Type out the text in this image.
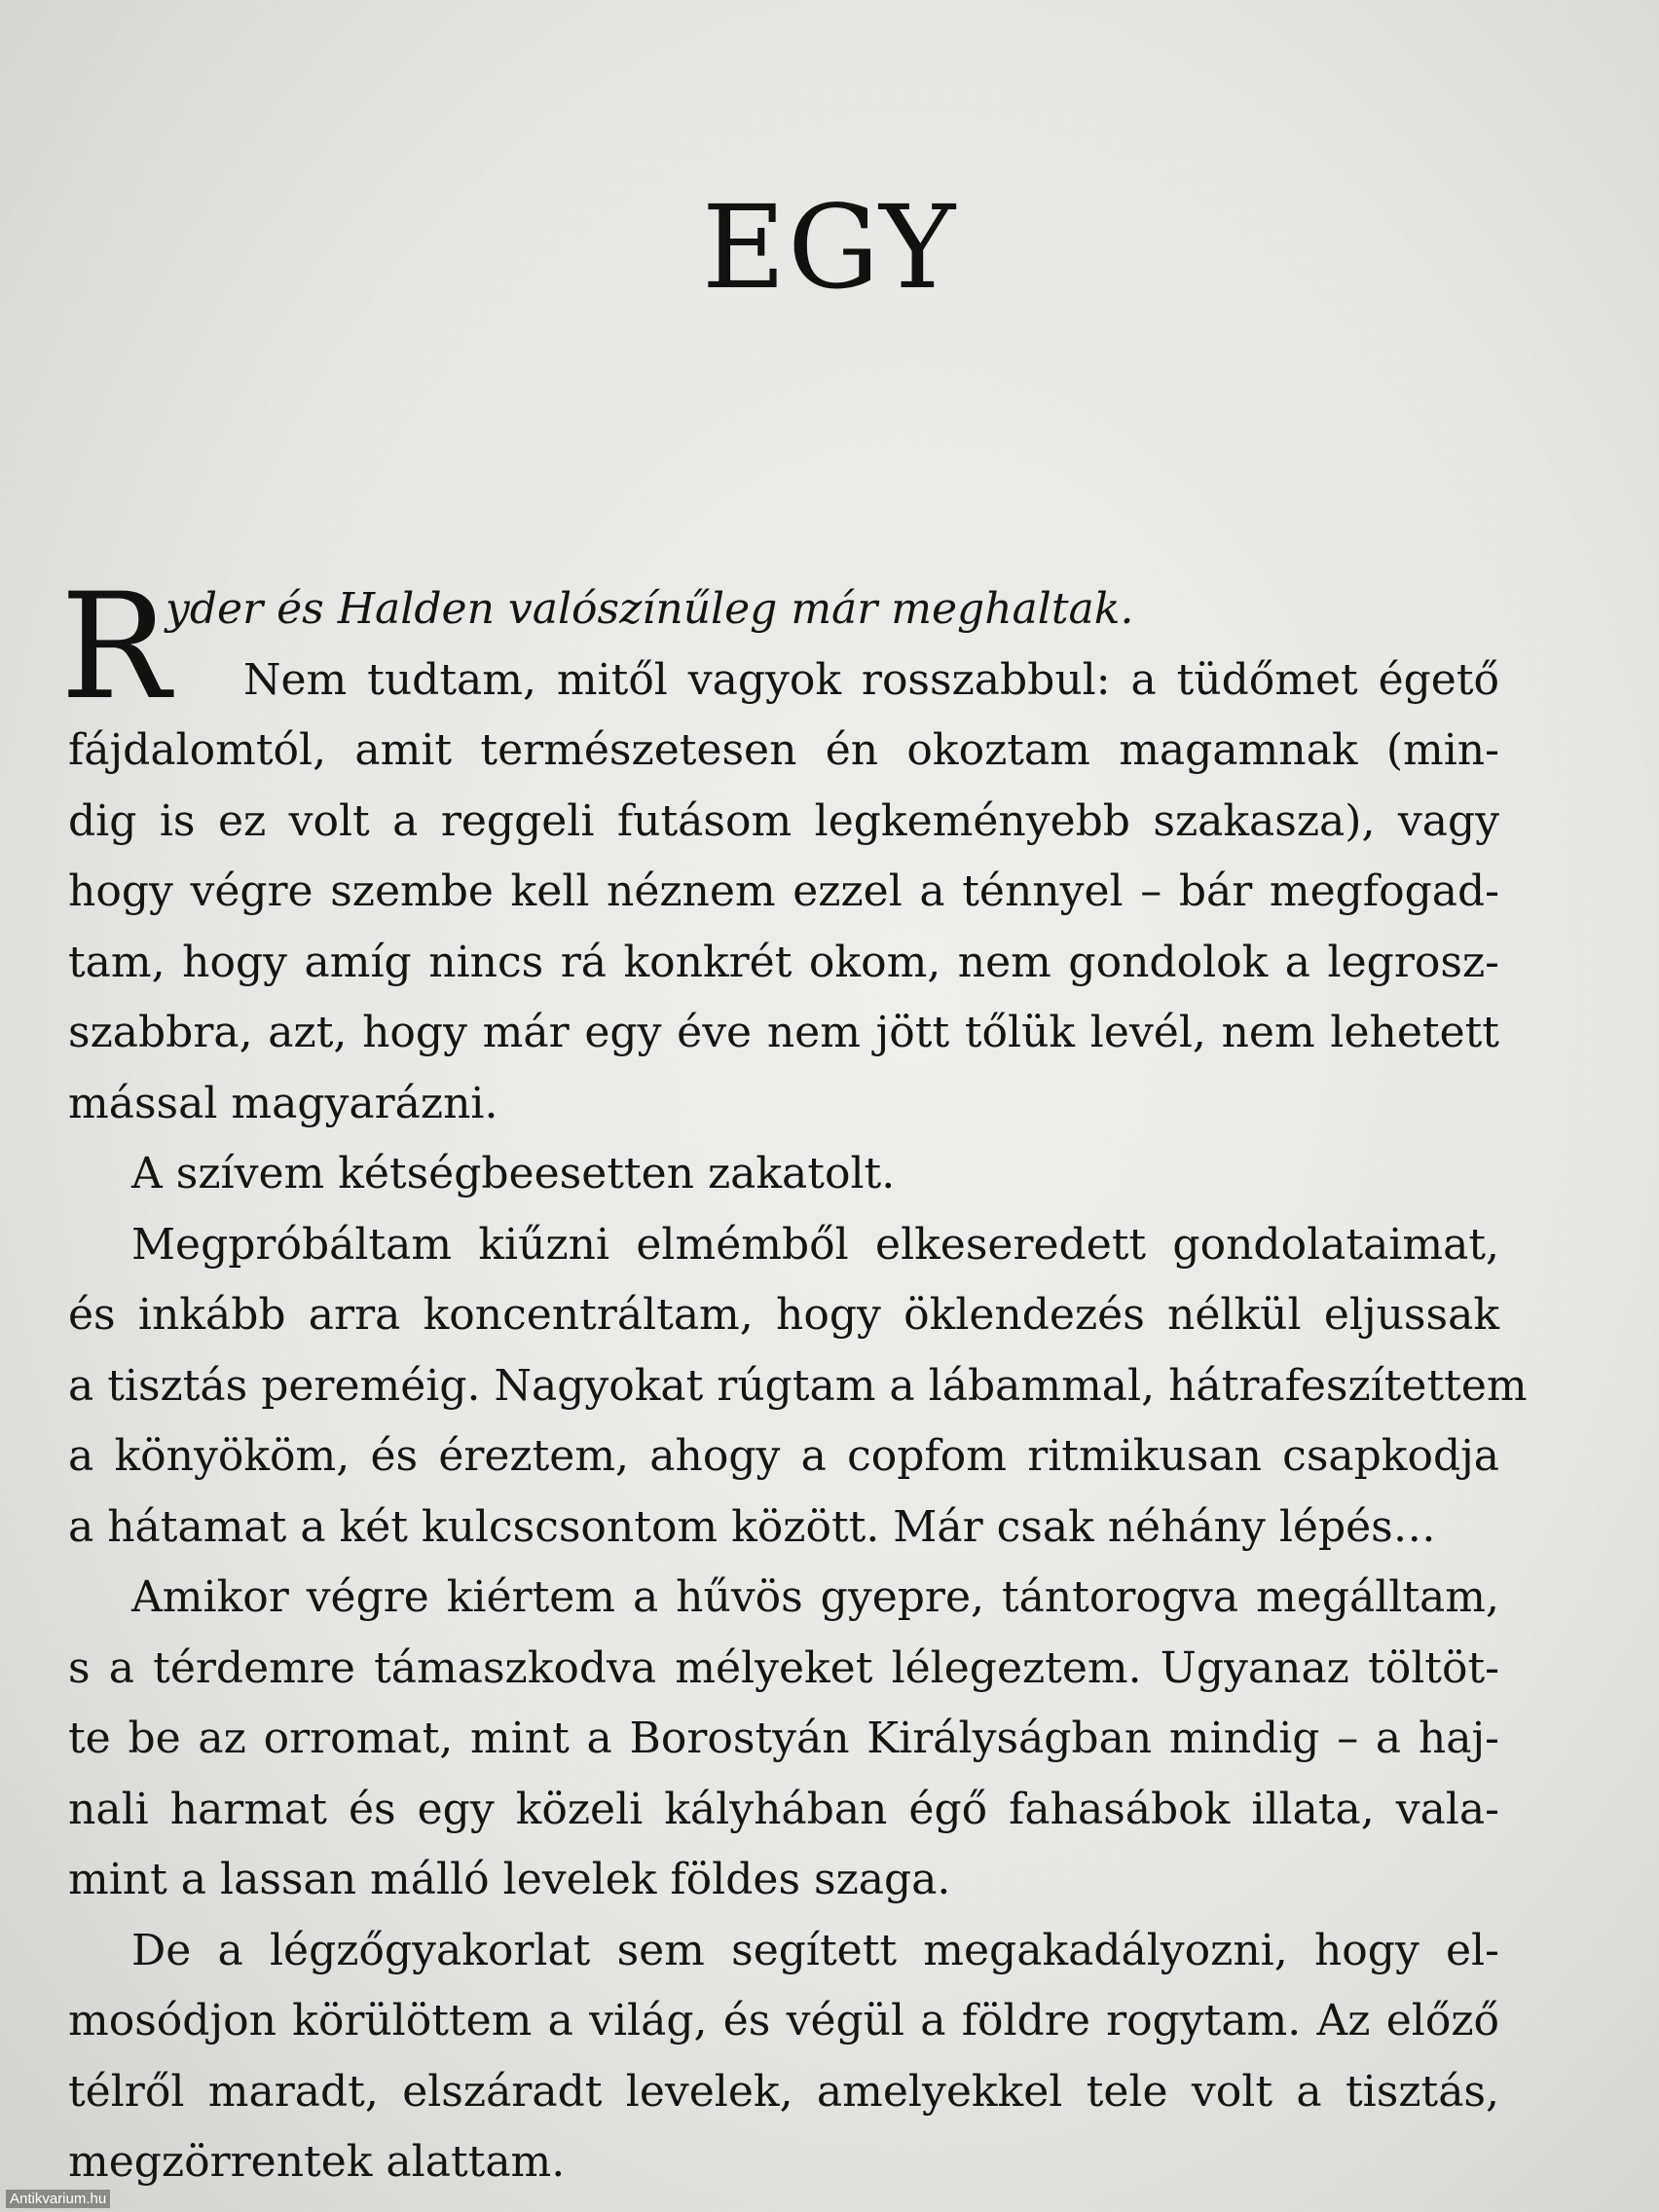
EGY
R
yder és Halden valószínűleg már meghaltak.
Nem tudtam, mitől vagyok rosszabbul: a tüdőmet égető
fájdalomtól, amit természetesen én okoztam magamnak (min-
dig is ez volt a reggeli futásom legkeményebb szakasza), vagy
hogy végre szembe kell néznem ezzel a ténnyel – bár megfogad-
tam, hogy amíg nincs rá konkrét okom, nem gondolok a legrosz-
szabbra, azt, hogy már egy éve nem jött tőlük levél, nem lehetett
mással magyarázni.
A szívem kétségbeesetten zakatolt.
Megpróbáltam kiűzni elmémből elkeseredett gondolataimat,
és inkább arra koncentráltam, hogy öklendezés nélkül eljussak
a tisztás pereméig. Nagyokat rúgtam a lábammal, hátrafeszítettem
a könyököm, és éreztem, ahogy a copfom ritmikusan csapkodja
a hátamat a két kulcscsontom között. Már csak néhány lépés…
Amikor végre kiértem a hűvös gyepre, tántorogva megálltam,
s a térdemre támaszkodva mélyeket lélegeztem. Ugyanaz töltöt-
te be az orromat, mint a Borostyán Királyságban mindig – a haj-
nali harmat és egy közeli kályhában égő fahasábok illata, vala-
mint a lassan málló levelek földes szaga.
De a légzőgyakorlat sem segített megakadályozni, hogy el-
mosódjon körülöttem a világ, és végül a földre rogytam. Az előző
télről maradt, elszáradt levelek, amelyekkel tele volt a tisztás,
megzörrentek alattam.
Antikvarium.hu
